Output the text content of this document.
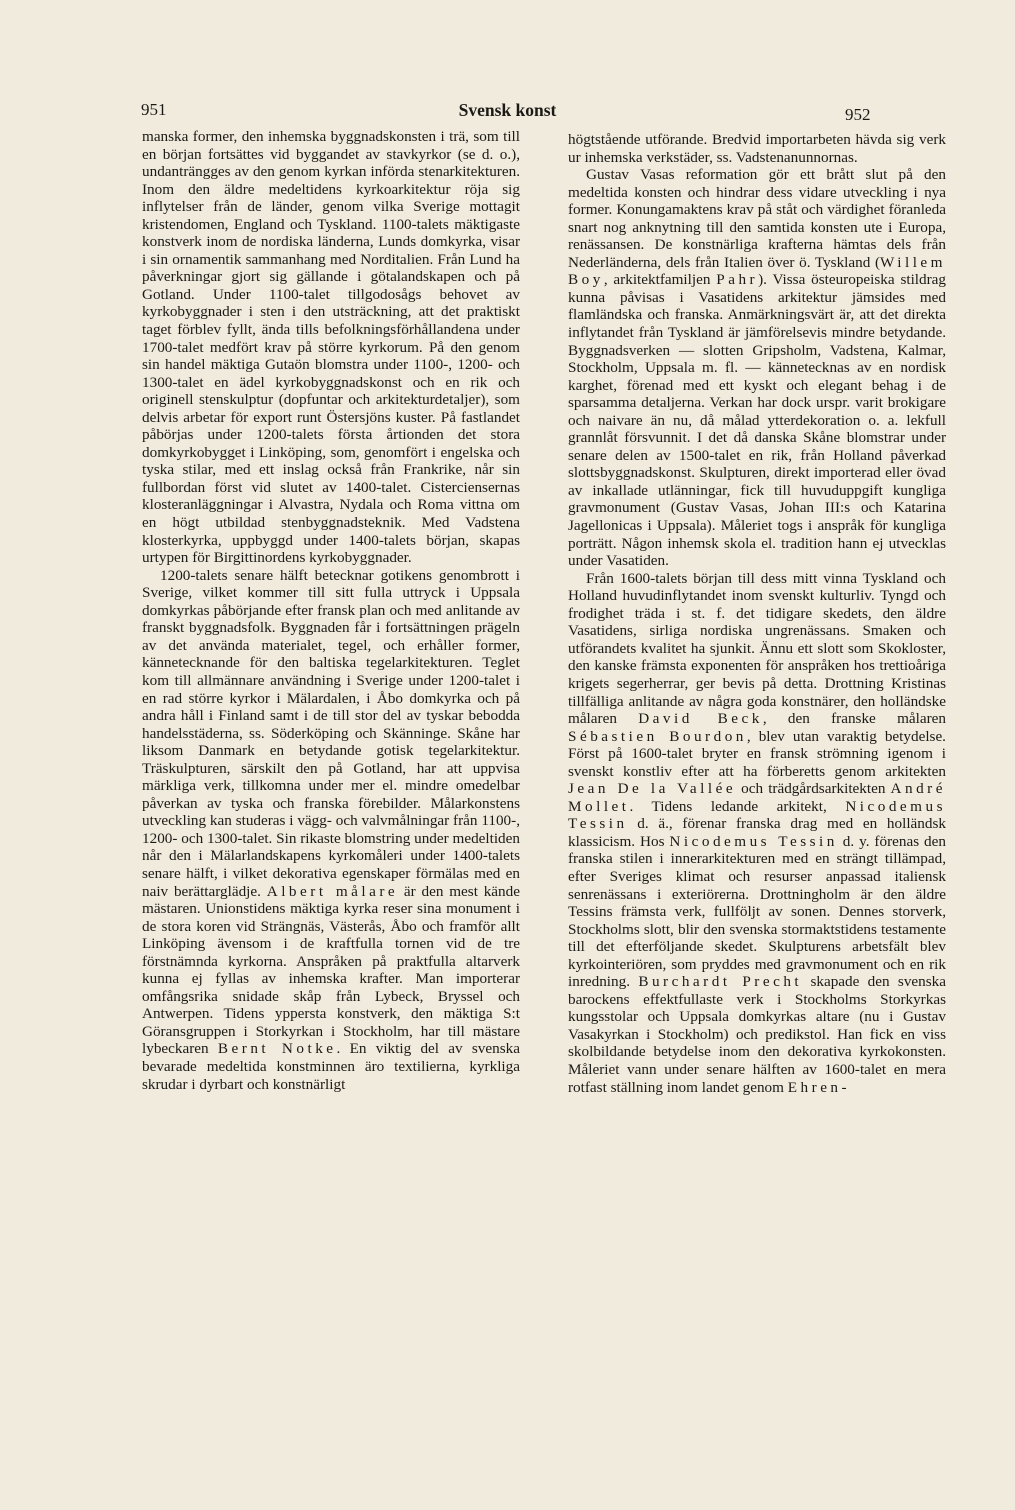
951	Svensk konst	952

manska former, den inhemska byggnadskonsten i trä, som till en början fortsättes vid byggandet av stavkyrkor (se d. o.), undanträngges av den genom kyrkan införda stenarkitekturen. Inom den äldre medeltidens kyrkoarkitektur röja sig inflytelser från de länder, genom vilka Sverige mottagit kristendomen, England och Tyskland. 1100-talets mäktigaste konstverk inom de nordiska länderna, Lunds domkyrka, visar i sin ornamentik sammanhang med Norditalien. Från Lund ha påverkningar gjort sig gällande i götalandskapen och på Gotland. Under 1100-talet tillgodosågs behovet av kyrkobyggnader i sten i den utsträckning, att det praktiskt taget förblev fyllt, ända tills befolkningsförhållandena under 1700-talet medfört krav på större kyrkorum. På den genom sin handel mäktiga Gutaön blomstra under 1100-, 1200- och 1300-talet en ädel kyrkobyggnadskonst och en rik och originell stenskulptur (dopfuntar och arkitekturdetaljer), som delvis arbetar för export runt Östersjöns kuster. På fastlandet påbörjas under 1200-talets första årtionden det stora domkyrkobygget i Linköping, som, genomfört i engelska och tyska stilar, med ett inslag också från Frankrike, når sin fullbordan först vid slutet av 1400-talet. Cisterciensernas klosteranläggningar i Alvastra, Nydala och Roma vittna om en högt utbildad stenbyggnadsteknik. Med Vadstena klosterkyrka, uppbyggd under 1400-talets början, skapas urtypen för Birgittinordens kyrkobyggnader.

1200-talets senare hälft betecknar gotikens genombrott i Sverige, vilket kommer till sitt fulla uttryck i Uppsala domkyrkas påbörjande efter fransk plan och med anlitande av franskt byggnadsfolk. Byggnaden får i fortsättningen prägeln av det använda materialet, tegel, och erhåller former, kännetecknande för den baltiska tegelarkitekturen. Teglet kom till allmännare användning i Sverige under 1200-talet i en rad större kyrkor i Mälardalen, i Åbo domkyrka och på andra håll i Finland samt i de till stor del av tyskar bebodda handelsstäderna, ss. Söderköping och Skänninge. Skåne har liksom Danmark en betydande gotisk tegelarkitektur. Träskulpturen, särskilt den på Gotland, har att uppvisa märkliga verk, tillkomna under mer el. mindre omedelbar påverkan av tyska och franska förebilder. Målarkonstens utveckling kan studeras i vägg- och valvmålningar från 1100-, 1200- och 1300-talet. Sin rikaste blomstring under medeltiden når den i Mälarlandskapens kyrkomåleri under 1400-talets senare hälft, i vilket dekorativa egenskaper förmälas med en naiv berättarglädje. Albert målare är den mest kände mästaren. Unionstidens mäktiga kyrka reser sina monument i de stora koren vid Strängnäs, Västerås, Åbo och framför allt Linköping ävensom i de kraftfulla tornen vid de tre förstnämnda kyrkorna. Anspråken på praktfulla altarverk kunna ej fyllas av inhemska krafter. Man importerar omfångsrika snidade skåp från Lybeck, Bryssel och Antwerpen. Tidens yppersta konstverk, den mäktiga S:t Göransgruppen i Storkyrkan i Stockholm, har till mästare lybeckaren Bernt Notke. En viktig del av svenska bevarade medeltida konstminnen äro textilierna, kyrkliga skrudar i dyrbart och konstnärligt

högtstående utförande. Bredvid importarbeten hävda sig verk ur inhemska verkstäder, ss. Vadstenanunnornas.

Gustav Vasas reformation gör ett brått slut på den medeltida konsten och hindrar dess vidare utveckling i nya former. Konungamaktens krav på ståt och värdighet föranleda snart nog anknytning till den samtida konsten ute i Europa, renässansen. De konstnärliga krafterna hämtas dels från Nederländerna, dels från Italien över ö. Tyskland (Willem Boy, arkitektfamiljen Pahr). Vissa östeuropeiska stildrag kunna påvisas i Vasatidens arkitektur jämsides med flamländska och franska. Anmärkningsvärt är, att det direkta inflytandet från Tyskland är jämförelsevis mindre betydande. Byggnadsverken — slotten Gripsholm, Vadstena, Kalmar, Stockholm, Uppsala m. fl. — kännetecknas av en nordisk karghet, förenad med ett kyskt och elegant behag i de sparsamma detaljerna. Verkan har dock urspr. varit brokigare och naivare än nu, då målad ytterdekoration o. a. lekfull grannlåt försvunnit. I det då danska Skåne blomstrar under senare delen av 1500-talet en rik, från Holland påverkad slottsbyggnadskonst. Skulpturen, direkt importerad eller övad av inkallade utlänningar, fick till huvuduppgift kungliga gravmonument (Gustav Vasas, Johan III:s och Katarina Jagellonicas i Uppsala). Måleriet togs i anspråk för kungliga porträtt. Någon inhemsk skola el. tradition hann ej utvecklas under Vasatiden.

Från 1600-talets början till dess mitt vinna Tyskland och Holland huvudinflytandet inom svenskt kulturliv. Tyngd och frodighet träda i st. f. det tidigare skedets, den äldre Vasatidens, sirliga nordiska ungrenässans. Smaken och utförandets kvalitet ha sjunkit. Ännu ett slott som Skokloster, den kanske främsta exponenten för anspråken hos trettioåriga krigets segerherrar, ger bevis på detta. Drottning Kristinas tillfälliga anlitande av några goda konstnärer, den holländske målaren David Beck, den franske målaren Sébastien Bourdon, blev utan varaktig betydelse. Först på 1600-talet bryter en fransk strömning igenom i svenskt konstliv efter att ha förberetts genom arkitekten Jean De la Vallée och trädgårdsarkitekten André Mollet. Tidens ledande arkitekt, Nicodemus Tessin d. ä., förenar franska drag med en holländsk klassicism. Hos Nicodemus Tessin d. y. förenas den franska stilen i innerarkitekturen med en strängt tillämpad, efter Sveriges klimat och resurser anpassad italiensk senrenässans i exteriörerna. Drottningholm är den äldre Tessins främsta verk, fullföljt av sonen. Dennes storverk, Stockholms slott, blir den svenska stormaktstidens testamente till det efterföljande skedet. Skulpturens arbetsfält blev kyrkointeriören, som pryddes med gravmonument och en rik inredning. Burchardt Precht skapade den svenska barockens effektfullaste verk i Stockholms Storkyrkas kungsstolar och Uppsala domkyrkas altare (nu i Gustav Vasakyrkan i Stockholm) och predikstol. Han fick en viss skolbildande betydelse inom den dekorativa kyrkokonsten. Måleriet vann under senare hälften av 1600-talet en mera rotfast ställning inom landet genom Ehren-
